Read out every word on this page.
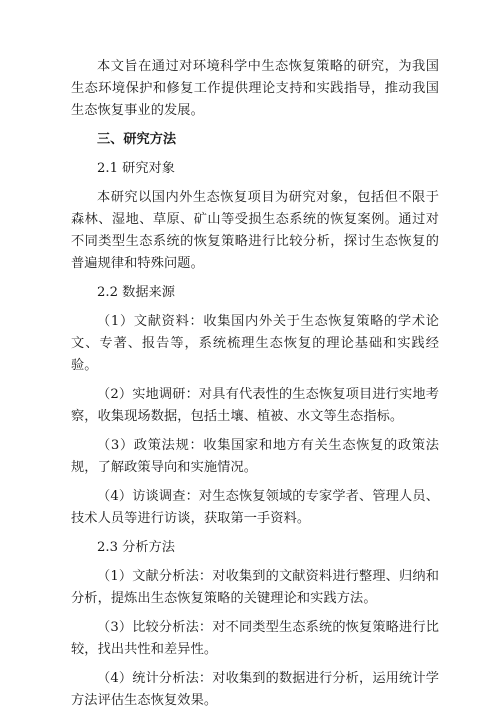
本文旨在通过对环境科学中生态恢复策略的研究，为我国生态环境保护和修复工作提供理论支持和实践指导，推动我国生态恢复事业的发展。

三、研究方法

2.1 研究对象

本研究以国内外生态恢复项目为研究对象，包括但不限于森林、湿地、草原、矿山等受损生态系统的恢复案例。通过对不同类型生态系统的恢复策略进行比较分析，探讨生态恢复的普遍规律和特殊问题。

2.2 数据来源

（1）文献资料：收集国内外关于生态恢复策略的学术论文、专著、报告等，系统梳理生态恢复的理论基础和实践经验。

（2）实地调研：对具有代表性的生态恢复项目进行实地考察，收集现场数据，包括土壤、植被、水文等生态指标。

（3）政策法规：收集国家和地方有关生态恢复的政策法规，了解政策导向和实施情况。

（4）访谈调查：对生态恢复领域的专家学者、管理人员、技术人员等进行访谈，获取第一手资料。

2.3 分析方法

（1）文献分析法：对收集到的文献资料进行整理、归纳和分析，提炼出生态恢复策略的关键理论和实践方法。

（3）比较分析法：对不同类型生态系统的恢复策略进行比较，找出共性和差异性。

（4）统计分析法：对收集到的数据进行分析，运用统计学方法评估生态恢复效果。
